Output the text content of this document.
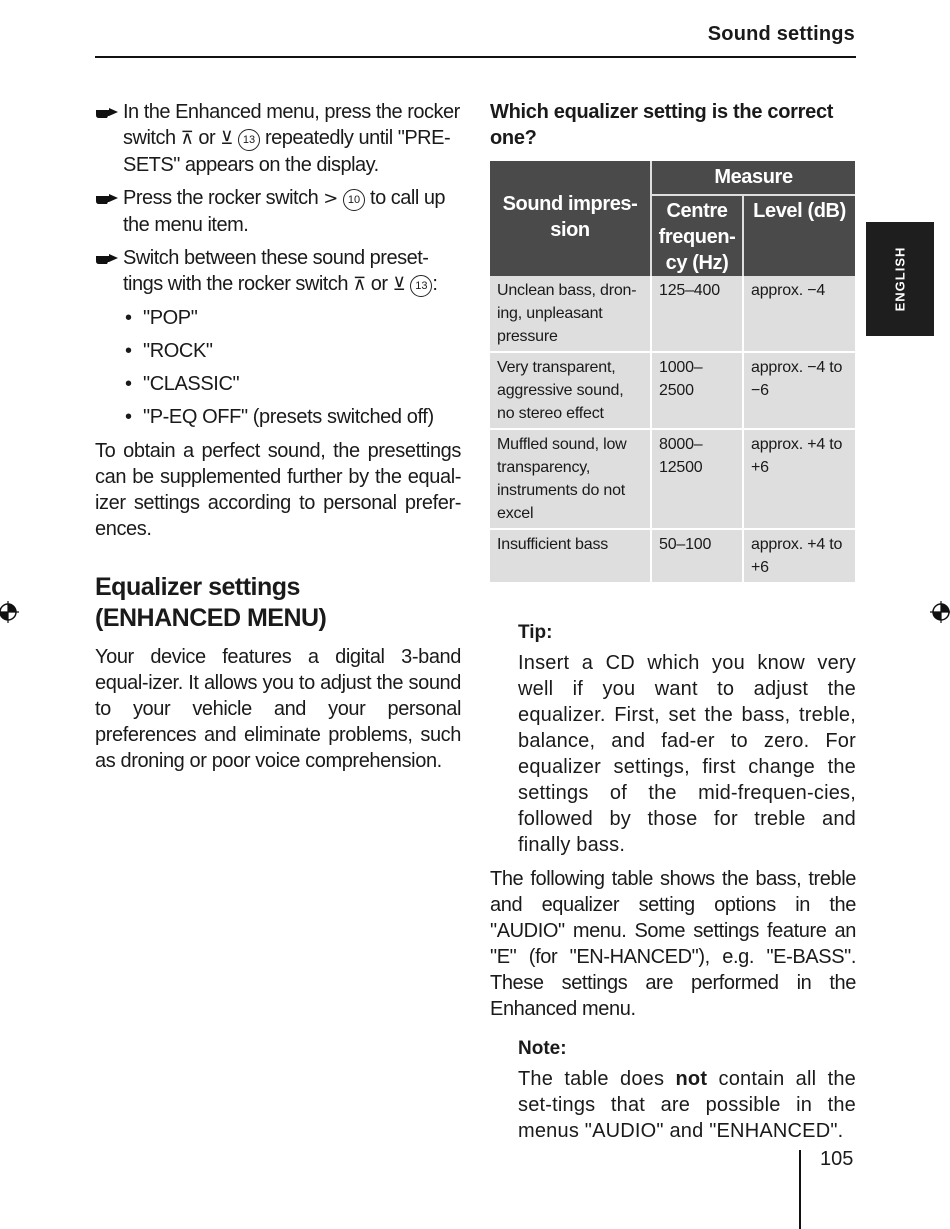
Sound settings
ENGLISH
In the Enhanced menu, press the rocker switch ⊼ or ⊻ 13 repeatedly until "PRE-SETS" appears on the display.
Press the rocker switch > 10 to call up the menu item.
Switch between these sound preset-tings with the rocker switch ⊼ or ⊻ 13 :
• "POP"
• "ROCK"
• "CLASSIC"
• "P-EQ OFF" (presets switched off)

To obtain a perfect sound, the presettings can be supplemented further by the equal-izer settings according to personal prefer-ences.

Equalizer settings
(ENHANCED MENU)

Your device features a digital 3-band equal-izer. It allows you to adjust the sound to your vehicle and your personal preferences and eliminate problems, such as droning or poor voice comprehension.

Which equalizer setting is the correct one?

Sound impres-sion	Measure	
	Centre frequen-cy (Hz)	Level (dB)
Unclean bass, dron-ing, unpleasant pressure	125–400	approx. −4
Very transparent, aggressive sound, no stereo effect	1000–2500	approx. −4 to −6
Muffled sound, low transparency, instruments do not excel	8000–12500	approx. +4 to +6
Insufficient bass	50–100	approx. +4 to +6

Tip:

Insert a CD which you know very well if you want to adjust the equalizer. First, set the bass, treble, balance, and fad-er to zero. For equalizer settings, first change the settings of the mid-frequen-cies, followed by those for treble and finally bass.

The following table shows the bass, treble and equalizer setting options in the "AUDIO" menu. Some settings feature an "E" (for "EN-HANCED"), e.g. "E-BASS". These settings are performed in the Enhanced menu.

Note:

The table does not contain all the set-tings that are possible in the menus "AUDIO" and "ENHANCED".

105
